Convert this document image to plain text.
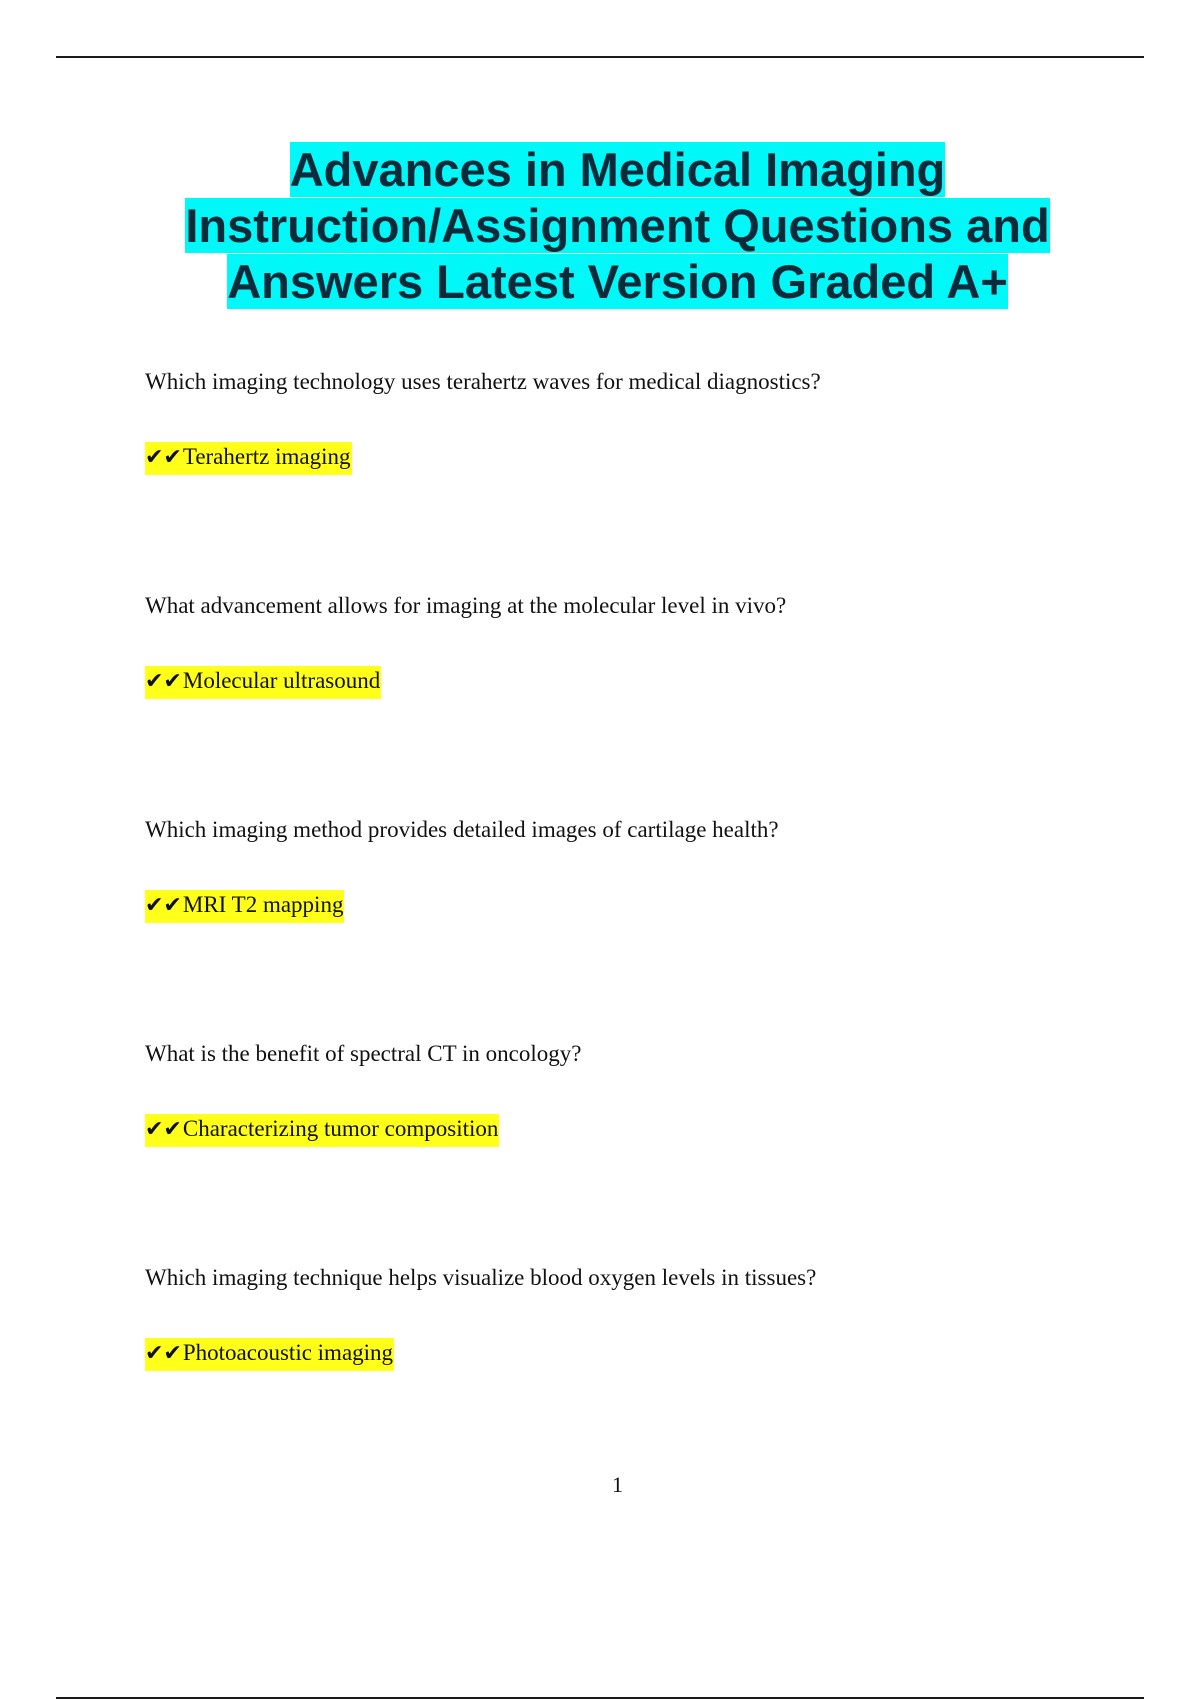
Advances in Medical Imaging
Instruction/Assignment Questions and
Answers Latest Version Graded A+

Which imaging technology uses terahertz waves for medical diagnostics?

✔✔Terahertz imaging

What advancement allows for imaging at the molecular level in vivo?

✔✔Molecular ultrasound

Which imaging method provides detailed images of cartilage health?

✔✔MRI T2 mapping

What is the benefit of spectral CT in oncology?

✔✔Characterizing tumor composition

Which imaging technique helps visualize blood oxygen levels in tissues?

✔✔Photoacoustic imaging
1
